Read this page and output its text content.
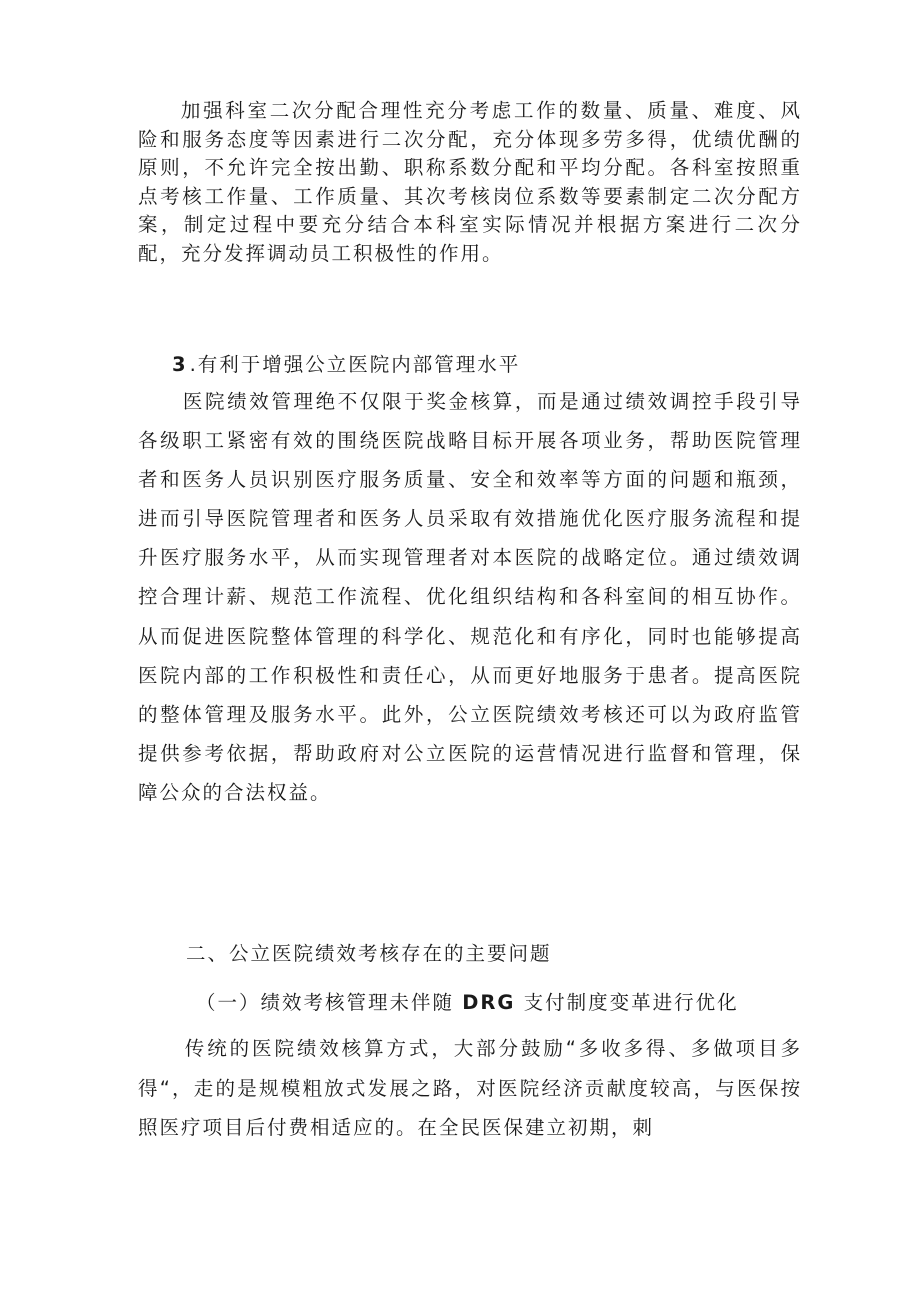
加强科室二次分配合理性充分考虑工作的数量、质量、难度、风险和服务态度等因素进行二次分配，充分体现多劳多得，优绩优酬的原则，不允许完全按出勤、职称系数分配和平均分配。各科室按照重点考核工作量、工作质量、其次考核岗位系数等要素制定二次分配方案，制定过程中要充分结合本科室实际情况并根据方案进行二次分配，充分发挥调动员工积极性的作用。

3 .有利于增强公立医院内部管理水平

医院绩效管理绝不仅限于奖金核算，而是通过绩效调控手段引导各级职工紧密有效的围绕医院战略目标开展各项业务，帮助医院管理者和医务人员识别医疗服务质量、安全和效率等方面的问题和瓶颈，进而引导医院管理者和医务人员采取有效措施优化医疗服务流程和提升医疗服务水平，从而实现管理者对本医院的战略定位。通过绩效调控合理计薪、规范工作流程、优化组织结构和各科室间的相互协作。从而促进医院整体管理的科学化、规范化和有序化，同时也能够提高医院内部的工作积极性和责任心，从而更好地服务于患者。提高医院的整体管理及服务水平。此外，公立医院绩效考核还可以为政府监管提供参考依据，帮助政府对公立医院的运营情况进行监督和管理，保障公众的合法权益。

二、公立医院绩效考核存在的主要问题
（一）绩效考核管理未伴随 DRG 支付制度变革进行优化

传统的医院绩效核算方式，大部分鼓励“多收多得、多做项目多得“，走的是规模粗放式发展之路，对医院经济贡献度较高，与医保按照医疗项目后付费相适应的。在全民医保建立初期，刺
